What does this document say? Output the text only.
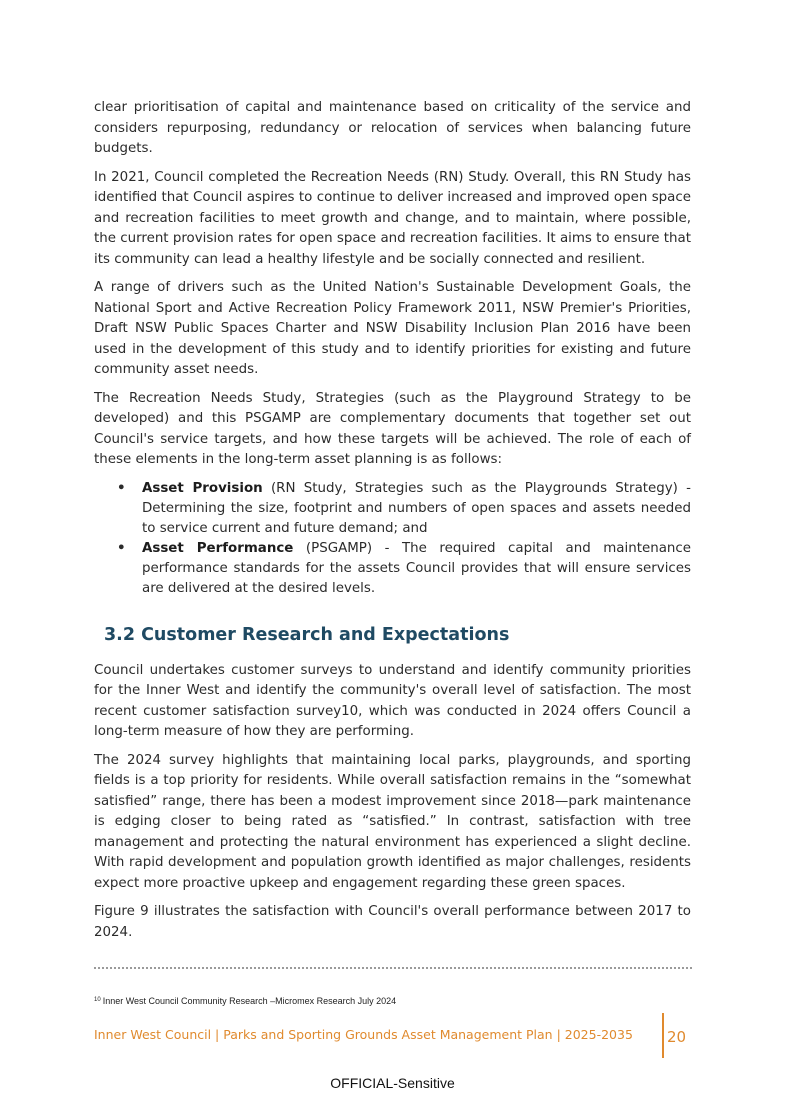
clear prioritisation of capital and maintenance based on criticality of the service and considers repurposing, redundancy or relocation of services when balancing future budgets.

In 2021, Council completed the Recreation Needs (RN) Study. Overall, this RN Study has identified that Council aspires to continue to deliver increased and improved open space and recreation facilities to meet growth and change, and to maintain, where possible, the current provision rates for open space and recreation facilities. It aims to ensure that its community can lead a healthy lifestyle and be socially connected and resilient.

A range of drivers such as the United Nation's Sustainable Development Goals, the National Sport and Active Recreation Policy Framework 2011, NSW Premier's Priorities, Draft NSW Public Spaces Charter and NSW Disability Inclusion Plan 2016 have been used in the development of this study and to identify priorities for existing and future community asset needs.

The Recreation Needs Study, Strategies (such as the Playground Strategy to be developed) and this PSGAMP are complementary documents that together set out Council's service targets, and how these targets will be achieved. The role of each of these elements in the long-term asset planning is as follows:

• Asset Provision (RN Study, Strategies such as the Playgrounds Strategy) - Determining the size, footprint and numbers of open spaces and assets needed to service current and future demand; and
• Asset Performance (PSGAMP) - The required capital and maintenance performance standards for the assets Council provides that will ensure services are delivered at the desired levels.
3.2 Customer Research and Expectations

Council undertakes customer surveys to understand and identify community priorities for the Inner West and identify the community's overall level of satisfaction. The most recent customer satisfaction survey10, which was conducted in 2024 offers Council a long-term measure of how they are performing.

The 2024 survey highlights that maintaining local parks, playgrounds, and sporting fields is a top priority for residents. While overall satisfaction remains in the “somewhat satisfied” range, there has been a modest improvement since 2018—park maintenance is edging closer to being rated as “satisfied.” In contrast, satisfaction with tree management and protecting the natural environment has experienced a slight decline. With rapid development and population growth identified as major challenges, residents expect more proactive upkeep and engagement regarding these green spaces.

Figure 9 illustrates the satisfaction with Council's overall performance between 2017 to 2024.

$^{10}$ Inner West Council Community Research –Micromex Research July 2024
Inner West Council | Parks and Sporting Grounds Asset Management Plan | 2025-2035 20
OFFICIAL-Sensitive
